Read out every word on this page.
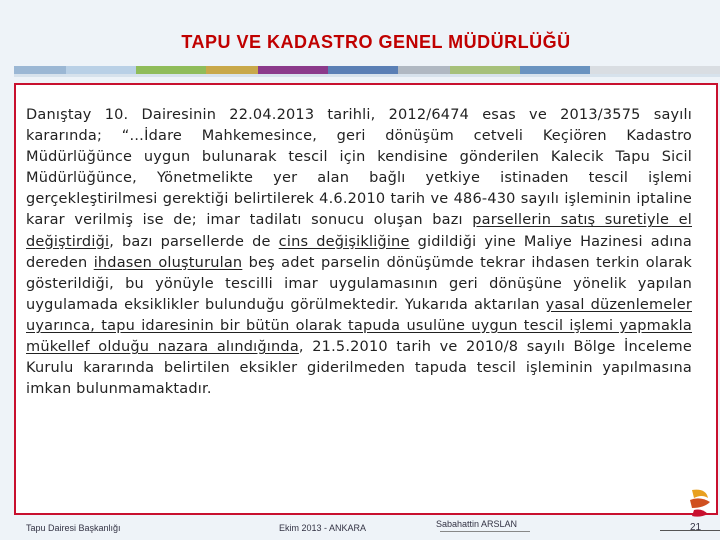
TAPU VE KADASTRO GENEL MÜDÜRLÜĞÜ
Danıştay 10. Dairesinin 22.04.2013 tarihli, 2012/6474 esas ve 2013/3575 sayılı kararında; “…İdare Mahkemesince, geri dönüşüm cetveli Keçiören Kadastro Müdürlüğünce uygun bulunarak tescil için kendisine gönderilen Kalecik Tapu Sicil Müdürlüğünce, Yönetmelikte yer alan bağlı yetkiye istinaden tescil işlemi gerçekleştirilmesi gerektiği belirtilerek 4.6.2010 tarih ve 486-430 sayılı işleminin iptaline karar verilmiş ise de; imar tadilatı sonucu oluşan bazı parsellerin satış suretiyle el değiştirdiği, bazı parsellerde de cins değişikliğine gidildiği yine Maliye Hazinesi adına dereden ihdasen oluşturulan beş adet parselin dönüşümde tekrar ihdasen terkin olarak gösterildiği, bu yönüyle tescilli imar uygulamasının geri dönüşüne yönelik yapılan uygulamada eksiklikler bulunduğu görülmektedir. Yukarıda aktarılan yasal düzenlemeler uyarınca, tapu idaresinin bir bütün olarak tapuda usulüne uygun tescil işlemi yapmakla mükellef olduğu nazara alındığında, 21.5.2010 tarih ve 2010/8 sayılı Bölge İnceleme Kurulu kararında belirtilen eksikler giderilmeden tapuda tescil işleminin yapılmasına imkan bulunmamaktadır.
Tapu Dairesi Başkanlığı	Ekim 2013 - ANKARA	Sabahattin ARSLAN	21
